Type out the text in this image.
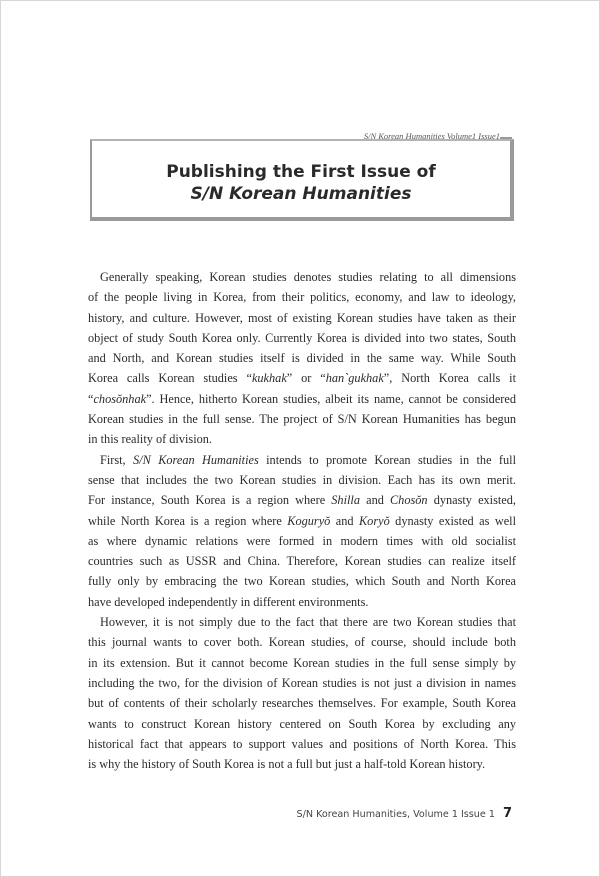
S/N Korean Humanities Volume1 Issue1
Publishing the First Issue of
S/N Korean Humanities
Generally speaking, Korean studies denotes studies relating to all dimensions
of the people living in Korea, from their politics, economy, and law to ideology,
history, and culture. However, most of existing Korean studies have taken as their
object of study South Korea only. Currently Korea is divided into two states, South
and North, and Korean studies itself is divided in the same way. While South
Korea calls Korean studies “kukhak” or “han`gukhak”, North Korea calls it
“chosŏnhak”. Hence, hitherto Korean studies, albeit its name, cannot be considered
Korean studies in the full sense. The project of S/N Korean Humanities has begun
in this reality of division.
First, S/N Korean Humanities intends to promote Korean studies in the full
sense that includes the two Korean studies in division. Each has its own merit.
For instance, South Korea is a region where Shilla and Chosŏn dynasty existed,
while North Korea is a region where Koguryŏ and Koryŏ dynasty existed as well
as where dynamic relations were formed in modern times with old socialist
countries such as USSR and China. Therefore, Korean studies can realize itself
fully only by embracing the two Korean studies, which South and North Korea
have developed independently in different environments.
However, it is not simply due to the fact that there are two Korean studies that
this journal wants to cover both. Korean studies, of course, should include both
in its extension. But it cannot become Korean studies in the full sense simply by
including the two, for the division of Korean studies is not just a division in names
but of contents of their scholarly researches themselves. For example, South Korea
wants to construct Korean history centered on South Korea by excluding any
historical fact that appears to support values and positions of North Korea. This
is why the history of South Korea is not a full but just a half-told Korean history.
S/N Korean Humanities, Volume 1 Issue 1 7
